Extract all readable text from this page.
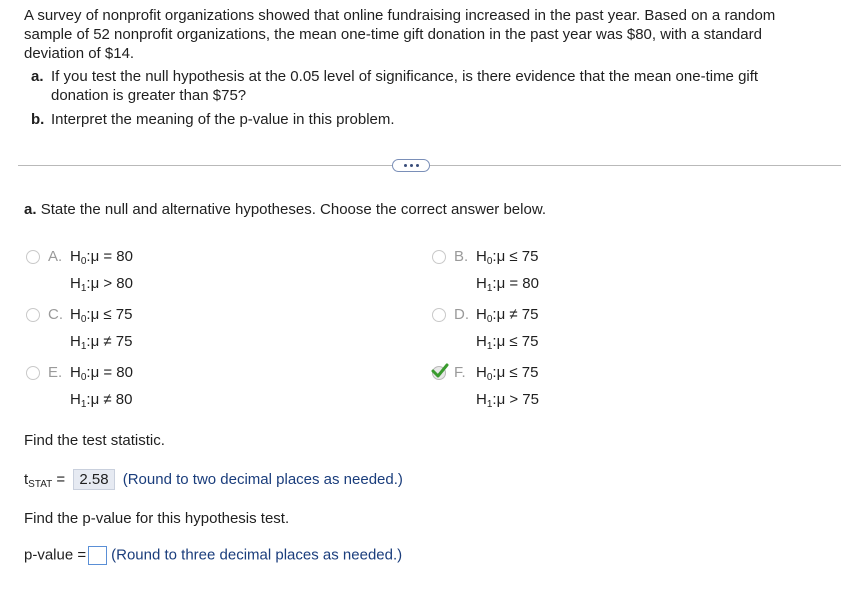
A survey of nonprofit organizations showed that online fundraising increased in the past year. Based on a random sample of 52 nonprofit organizations, the mean one-time gift donation in the past year was $80, with a standard deviation of $14.
a. If you test the null hypothesis at the 0.05 level of significance, is there evidence that the mean one-time gift donation is greater than $75?
b. Interpret the meaning of the p-value in this problem.
a. State the null and alternative hypotheses. Choose the correct answer below.
A. $H_0:\mu = 80$
$H_1:\mu > 80$
B. $H_0:\mu \le 75$
$H_1:\mu = 80$
C. $H_0:\mu \le 75$
$H_1:\mu \ne 75$
D. $H_0:\mu \ne 75$
$H_1:\mu \le 75$
E. $H_0:\mu = 80$
$H_1:\mu \ne 80$
F. $H_0:\mu \le 75$
$H_1:\mu > 75$
Find the test statistic.
$t_{STAT} = 2.58$ (Round to two decimal places as needed.)
Find the p-value for this hypothesis test.
p-value = (Round to three decimal places as needed.)
